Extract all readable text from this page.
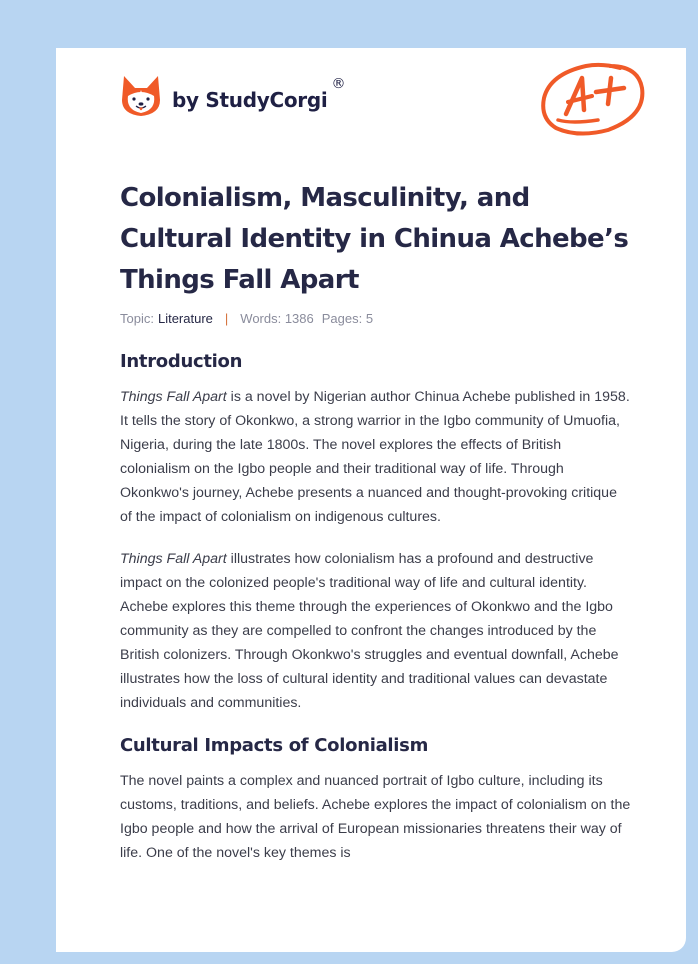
by StudyCorgi
®
Colonialism, Masculinity, and Cultural Identity in Chinua Achebe’s Things Fall Apart
Topic: Literature | Words: 1386 Pages: 5
Introduction

Things Fall Apart is a novel by Nigerian author Chinua Achebe published in 1958. It tells the story of Okonkwo, a strong warrior in the Igbo community of Umuofia, Nigeria, during the late 1800s. The novel explores the effects of British colonialism on the Igbo people and their traditional way of life. Through Okonkwo's journey, Achebe presents a nuanced and thought-provoking critique of the impact of colonialism on indigenous cultures.

Things Fall Apart illustrates how colonialism has a profound and destructive impact on the colonized people's traditional way of life and cultural identity. Achebe explores this theme through the experiences of Okonkwo and the Igbo community as they are compelled to confront the changes introduced by the British colonizers. Through Okonkwo's struggles and eventual downfall, Achebe illustrates how the loss of cultural identity and traditional values can devastate individuals and communities.

Cultural Impacts of Colonialism

The novel paints a complex and nuanced portrait of Igbo culture, including its customs, traditions, and beliefs. Achebe explores the impact of colonialism on the Igbo people and how the arrival of European missionaries threatens their way of life. One of the novel's key themes is
